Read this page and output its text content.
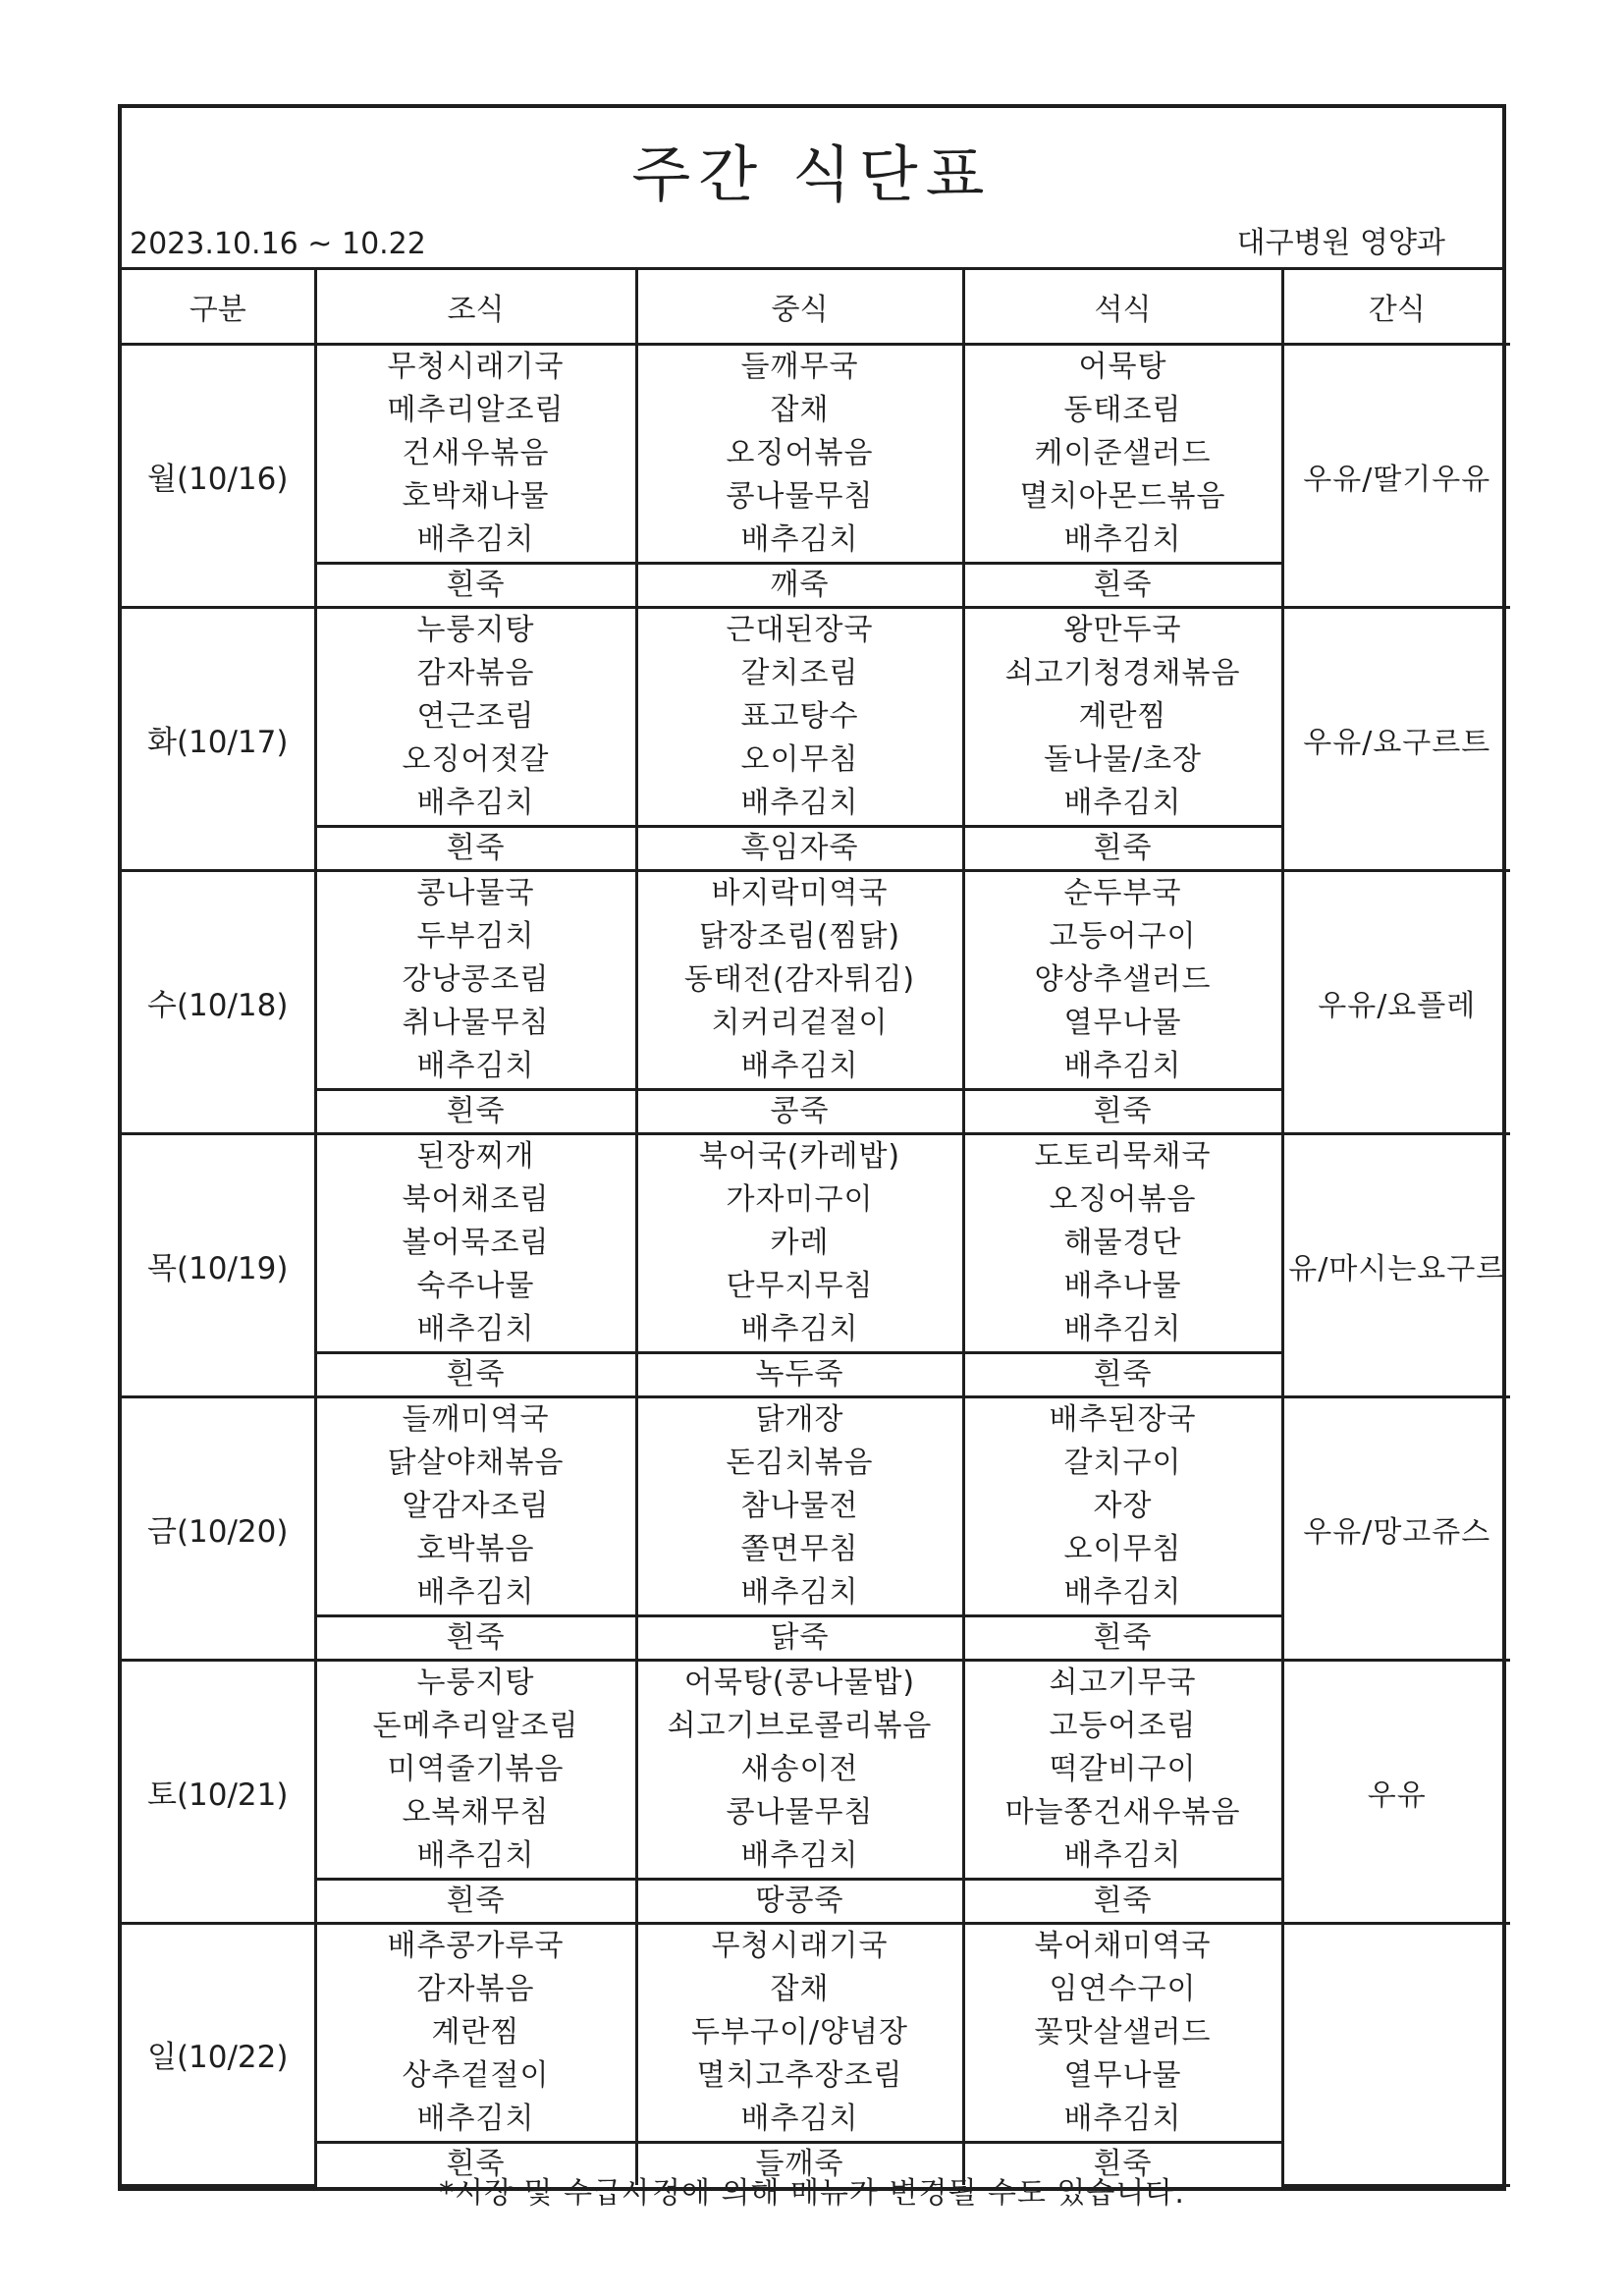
주간 식단표
2023.10.16 ~ 10.22	대구병원 영양과
구분	조식	중식	석식	간식
월(10/16)	무청시래기국
메추리알조림
건새우볶음
호박채나물
배추김치	들깨무국
잡채
오징어볶음
콩나물무침
배추김치	어묵탕
동태조림
케이준샐러드
멸치아몬드볶음
배추김치	우유/딸기우유
	흰죽	깨죽	흰죽	
화(10/17)	누룽지탕
감자볶음
연근조림
오징어젓갈
배추김치	근대된장국
갈치조림
표고탕수
오이무침
배추김치	왕만두국
쇠고기청경채볶음
계란찜
돌나물/초장
배추김치	우유/요구르트
	흰죽	흑임자죽	흰죽	
수(10/18)	콩나물국
두부김치
강낭콩조림
취나물무침
배추김치	바지락미역국
닭장조림(찜닭)
동태전(감자튀김)
치커리겉절이
배추김치	순두부국
고등어구이
양상추샐러드
열무나물
배추김치	우유/요플레
	흰죽	콩죽	흰죽	
목(10/19)	된장찌개
북어채조림
볼어묵조림
숙주나물
배추김치	북어국(카레밥)
가자미구이
카레
단무지무침
배추김치	도토리묵채국
오징어볶음
해물경단
배추나물
배추김치	유/마시는요구르
	흰죽	녹두죽	흰죽	
금(10/20)	들깨미역국
닭살야채볶음
알감자조림
호박볶음
배추김치	닭개장
돈김치볶음
참나물전
쫄면무침
배추김치	배추된장국
갈치구이
자장
오이무침
배추김치	우유/망고쥬스
	흰죽	닭죽	흰죽	
토(10/21)	누룽지탕
돈메추리알조림
미역줄기볶음
오복채무침
배추김치	어묵탕(콩나물밥)
쇠고기브로콜리볶음
새송이전
콩나물무침
배추김치	쇠고기무국
고등어조림
떡갈비구이
마늘쫑건새우볶음
배추김치	우유
	흰죽	땅콩죽	흰죽	
일(10/22)	배추콩가루국
감자볶음
계란찜
상추겉절이
배추김치	무청시래기국
잡채
두부구이/양념장
멸치고추장조림
배추김치	북어채미역국
임연수구이
꽃맛살샐러드
열무나물
배추김치	

	흰죽	들깨죽	흰죽	
*시장 및 수급사정에 의해 메뉴가 변경될 수도 있습니다.
